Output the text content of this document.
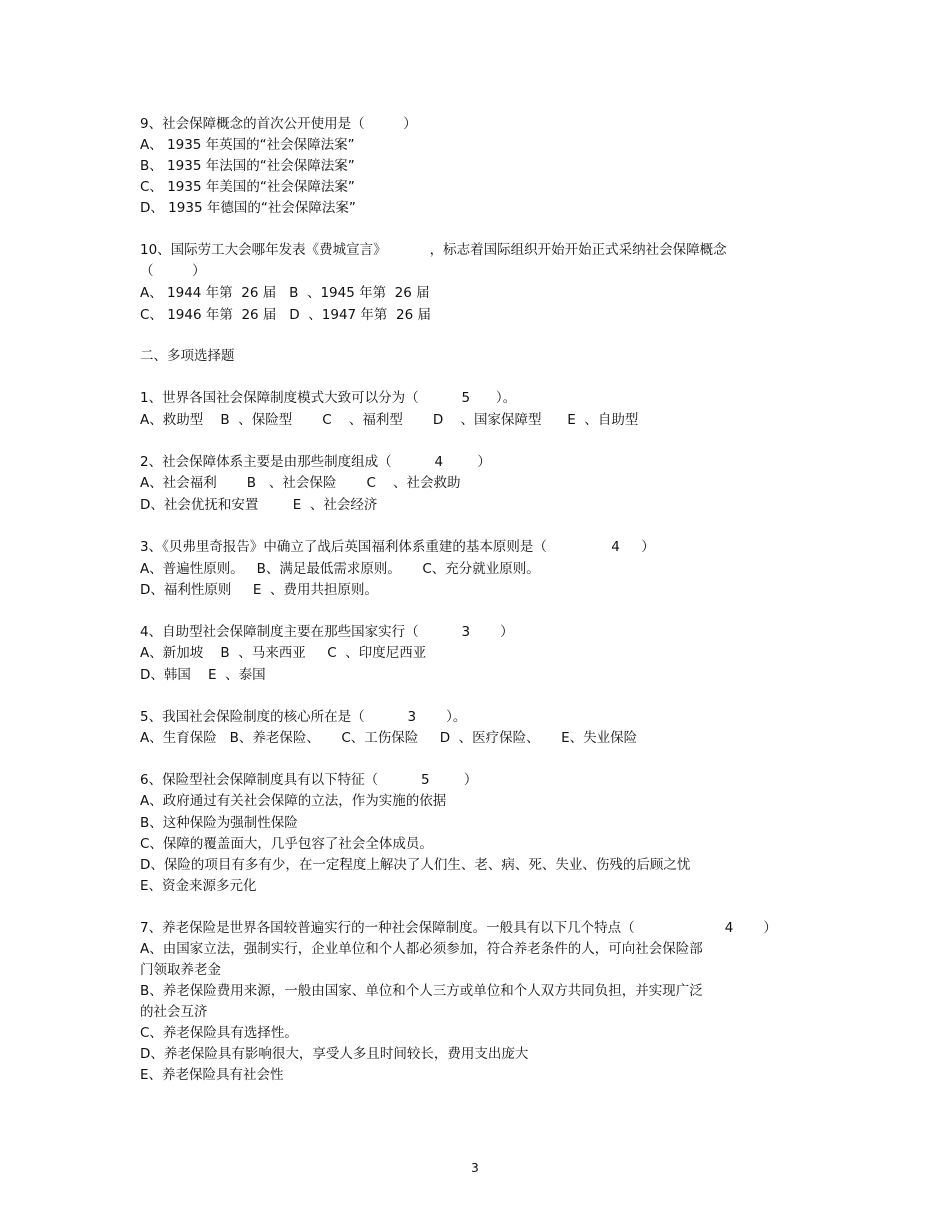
9、社会保障概念的首次公开使用是（         ）
A、 1935 年英国的“社会保障法案”
B、 1935 年法国的“社会保障法案”
C、 1935 年美国的“社会保障法案”
D、 1935 年德国的“社会保障法案”
10、国际劳工大会哪年发表《费城宣言》          ，标志着国际组织开始开始正式采纳社会保障概念
（         ）
A、 1944 年第  26 届   B  、1945 年第  26 届
C、 1946 年第  26 届   D  、1947 年第  26 届
二、多项选择题
1、世界各国社会保障制度模式大致可以分为（          5      ）。
A、救助型    B  、保险型       C    、福利型       D    、国家保障型      E  、自助型
2、社会保障体系主要是由那些制度组成（          4        ）
A、社会福利       B   、社会保险       C    、社会救助
D、社会优抚和安置        E  、社会经济
3、《贝弗里奇报告》中确立了战后英国福利体系重建的基本原则是（               4     ）
A、普遍性原则。   B、满足最低需求原则。     C、充分就业原则。
D、福利性原则     E  、费用共担原则。
4、自助型社会保障制度主要在那些国家实行（          3       ）
A、新加坡    B  、马来西亚     C  、印度尼西亚
D、韩国    E  、泰国
5、我国社会保险制度的核心所在是（          3       ）。
A、生育保险   B、养老保险、     C、工伤保险     D  、医疗保险、     E、失业保险
6、保险型社会保障制度具有以下特征（          5        ）
A、政府通过有关社会保障的立法，作为实施的依据
B、这种保险为强制性保险
C、保障的覆盖面大，几乎包容了社会全体成员。
D、保险的项目有多有少，在一定程度上解决了人们生、老、病、死、失业、伤残的后顾之忧
E、资金来源多元化
7、养老保险是世界各国较普遍实行的一种社会保障制度。一般具有以下几个特点（                     4       ）
A、由国家立法，强制实行，企业单位和个人都必须参加，符合养老条件的人，可向社会保险部
门领取养老金
B、养老保险费用来源，一般由国家、单位和个人三方或单位和个人双方共同负担，并实现广泛
的社会互济
C、养老保险具有选择性。
D、养老保险具有影响很大，享受人多且时间较长，费用支出庞大
E、养老保险具有社会性
3
